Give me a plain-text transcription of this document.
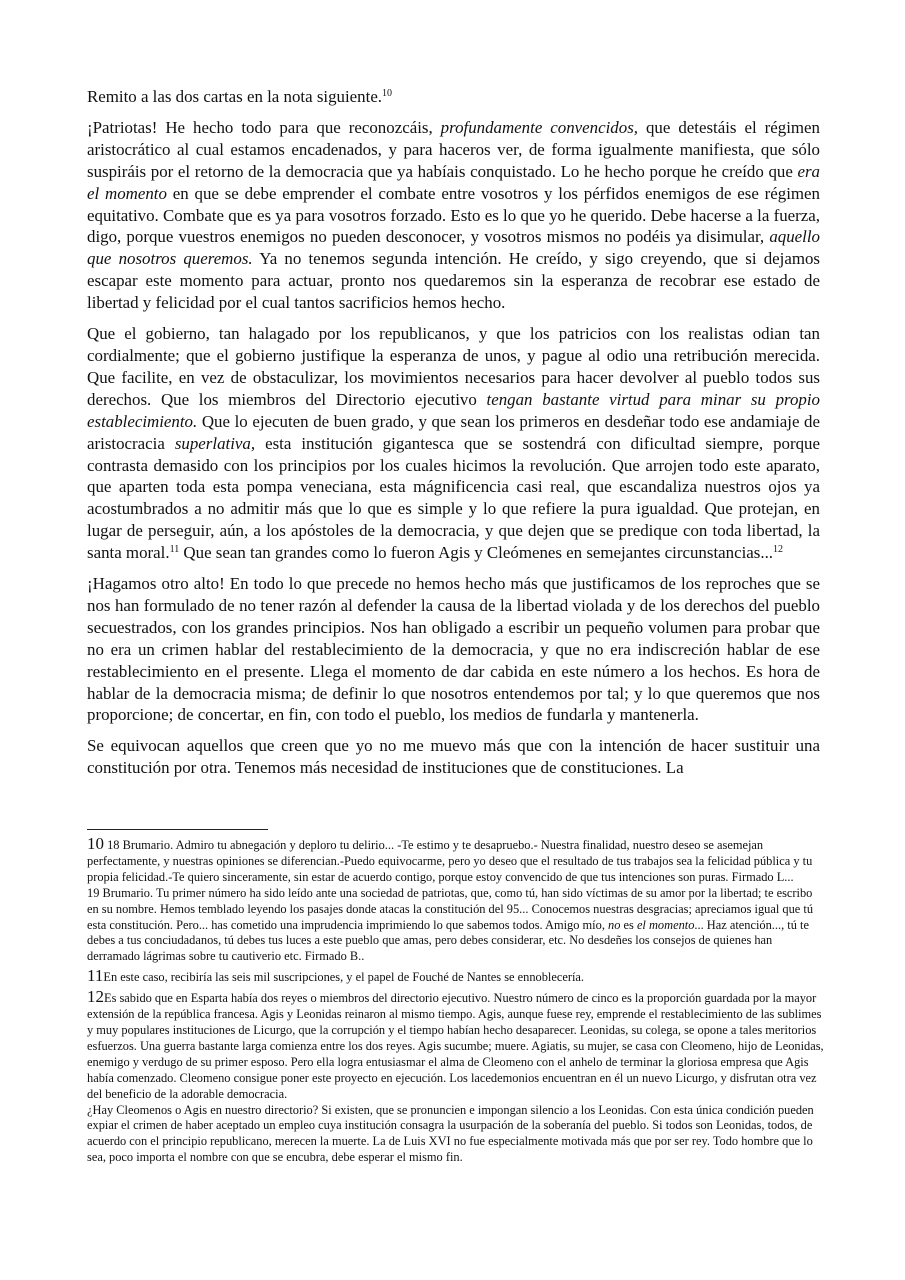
Remito a las dos cartas en la nota siguiente.$^{10}$

¡Patriotas! He hecho todo para que reconozcáis, profundamente convencidos, que detestáis el régimen aristocrático al cual estamos encadenados, y para haceros ver, de forma igualmente manifiesta, que sólo suspiráis por el retorno de la democracia que ya habíais conquistado. Lo he hecho porque he creído que era el momento en que se debe emprender el combate entre vosotros y los pérfidos enemigos de ese régimen equitativo. Combate que es ya para vosotros forzado. Esto es lo que yo he querido. Debe hacerse a la fuerza, digo, porque vuestros enemigos no pueden desconocer, y vosotros mismos no podéis ya disimular, aquello que nosotros queremos. Ya no tenemos segunda intención. He creído, y sigo creyendo, que si dejamos escapar este momento para actuar, pronto nos quedaremos sin la esperanza de recobrar ese estado de libertad y felicidad por el cual tantos sacrificios hemos hecho.

Que el gobierno, tan halagado por los republicanos, y que los patricios con los realistas odian tan cordialmente; que el gobierno justifique la esperanza de unos, y pague al odio una retribución merecida. Que facilite, en vez de obstaculizar, los movimientos necesarios para hacer devolver al pueblo todos sus derechos. Que los miembros del Directorio ejecutivo tengan bastante virtud para minar su propio establecimiento. Que lo ejecuten de buen grado, y que sean los primeros en desdeñar todo ese andamiaje de aristocracia superlativa, esta institución gigantesca que se sostendrá con dificultad siempre, porque contrasta demasido con los principios por los cuales hicimos la revolución. Que arrojen todo este aparato, que aparten toda esta pompa veneciana, esta mágnificencia casi real, que escandaliza nuestros ojos ya acostumbrados a no admitir más que lo que es simple y lo que refiere la pura igualdad. Que protejan, en lugar de perseguir, aún, a los apóstoles de la democracia, y que dejen que se predique con toda libertad, la santa moral.$^{11}$ Que sean tan grandes como lo fueron Agis y Cleómenes en semejantes circunstancias...$^{12}$

¡Hagamos otro alto! En todo lo que precede no hemos hecho más que justificamos de los reproches que se nos han formulado de no tener razón al defender la causa de la libertad violada y de los derechos del pueblo secuestrados, con los grandes principios. Nos han obligado a escribir un pequeño volumen para probar que no era un crimen hablar del restablecimiento de la democracia, y que no era indiscreción hablar de ese restablecimiento en el presente. Llega el momento de dar cabida en este número a los hechos. Es hora de hablar de la democracia misma; de definir lo que nosotros entendemos por tal; y lo que queremos que nos proporcione; de concertar, en fin, con todo el pueblo, los medios de fundarla y mantenerla.

Se equivocan aquellos que creen que yo no me muevo más que con la intención de hacer sustituir una constitución por otra. Tenemos más necesidad de instituciones que de constituciones. La

10 18 Brumario. Admiro tu abnegación y deploro tu delirio... -Te estimo y te desapruebo.- Nuestra finalidad, nuestro deseo se asemejan perfectamente, y nuestras opiniones se diferencian.-Puedo equivocarme, pero yo deseo que el resultado de tus trabajos sea la felicidad pública y tu propia felicidad.-Te quiero sinceramente, sin estar de acuerdo contigo, porque estoy convencido de que tus intenciones son puras. Firmado L...

19 Brumario. Tu primer número ha sido leído ante una sociedad de patriotas, que, como tú, han sido víctimas de su amor por la libertad; te escribo en su nombre. Hemos temblado leyendo los pasajes donde atacas la constitución del 95... Conocemos nuestras desgracias; apreciamos igual que tú esta constitución. Pero... has cometido una imprudencia imprimiendo lo que sabemos todos. Amigo mío, no es el momento... Haz atención..., tú te debes a tus conciudadanos, tú debes tus luces a este pueblo que amas, pero debes considerar, etc. No desdeñes los consejos de quienes han derramado lágrimas sobre tu cautiverio etc. Firmado B..

11En este caso, recibiría las seis mil suscripciones, y el papel de Fouché de Nantes se ennoblecería.

12Es sabido que en Esparta había dos reyes o miembros del directorio ejecutivo. Nuestro número de cinco es la proporción guardada por la mayor extensión de la república francesa. Agis y Leonidas reinaron al mismo tiempo. Agis, aunque fuese rey, emprende el restablecimiento de las sublimes y muy populares instituciones de Licurgo, que la corrupción y el tiempo habían hecho desaparecer. Leonidas, su colega, se opone a tales meritorios esfuerzos. Una guerra bastante larga comienza entre los dos reyes. Agis sucumbe; muere. Agiatis, su mujer, se casa con Cleomeno, hijo de Leonidas, enemigo y verdugo de su primer esposo. Pero ella logra entusiasmar el alma de Cleomeno con el anhelo de terminar la gloriosa empresa que Agis había comenzado. Cleomeno consigue poner este proyecto en ejecución. Los lacedemonios encuentran en él un nuevo Licurgo, y disfrutan otra vez del beneficio de la adorable democracia.

¿Hay Cleomenos o Agis en nuestro directorio? Si existen, que se pronuncien e impongan silencio a los Leonidas. Con esta única condición pueden expiar el crimen de haber aceptado un empleo cuya institución consagra la usurpación de la soberanía del pueblo. Si todos son Leonidas, todos, de acuerdo con el principio republicano, merecen la muerte. La de Luis XVI no fue especialmente motivada más que por ser rey. Todo hombre que lo sea, poco importa el nombre con que se encubra, debe esperar el mismo fin.
